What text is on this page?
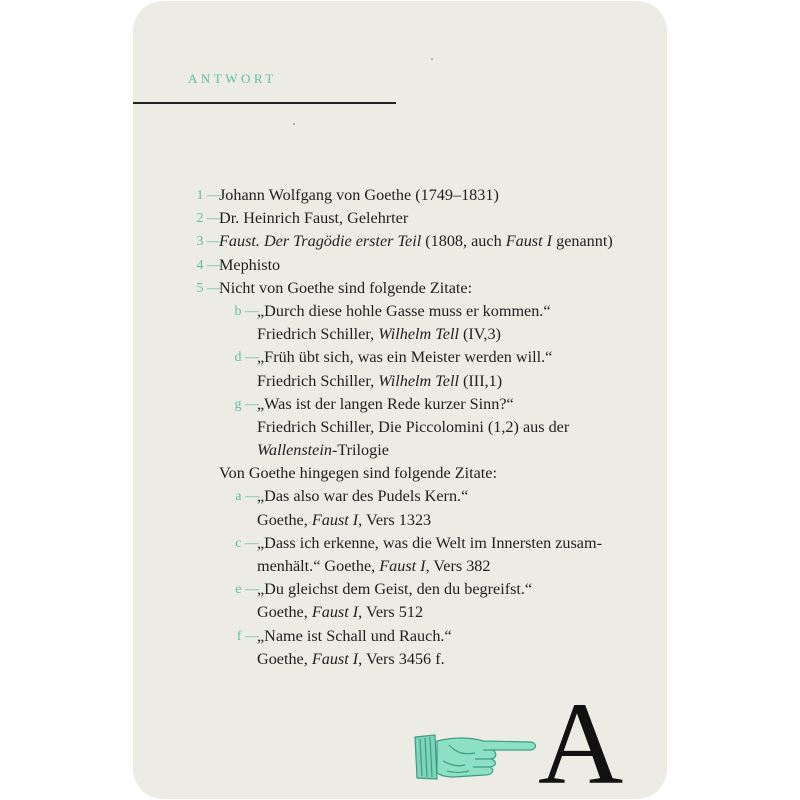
ANTWORT
1 —
Johann Wolfgang von Goethe (1749–1831)
2 —
Dr. Heinrich Faust, Gelehrter
3 —
Faust. Der Tragödie erster Teil (1808, auch Faust I genannt)
4 —
Mephisto
5 —
Nicht von Goethe sind folgende Zitate:
b —
„Durch diese hohle Gasse muss er kommen.“
Friedrich Schiller, Wilhelm Tell (IV,3)
d —
„Früh übt sich, was ein Meister werden will.“
Friedrich Schiller, Wilhelm Tell (III,1)
g —
„Was ist der langen Rede kurzer Sinn?“
Friedrich Schiller, Die Piccolomini (1,2) aus der
Wallenstein-Trilogie
Von Goethe hingegen sind folgende Zitate:
a —
„Das also war des Pudels Kern.“
Goethe, Faust I, Vers 1323
c —
„Dass ich erkenne, was die Welt im Innersten zusam-
menhält.“ Goethe, Faust I, Vers 382
e —
„Du gleichst dem Geist, den du begreifst.“
Goethe, Faust I, Vers 512
f —
„Name ist Schall und Rauch.“
Goethe, Faust I, Vers 3456 f.
A
